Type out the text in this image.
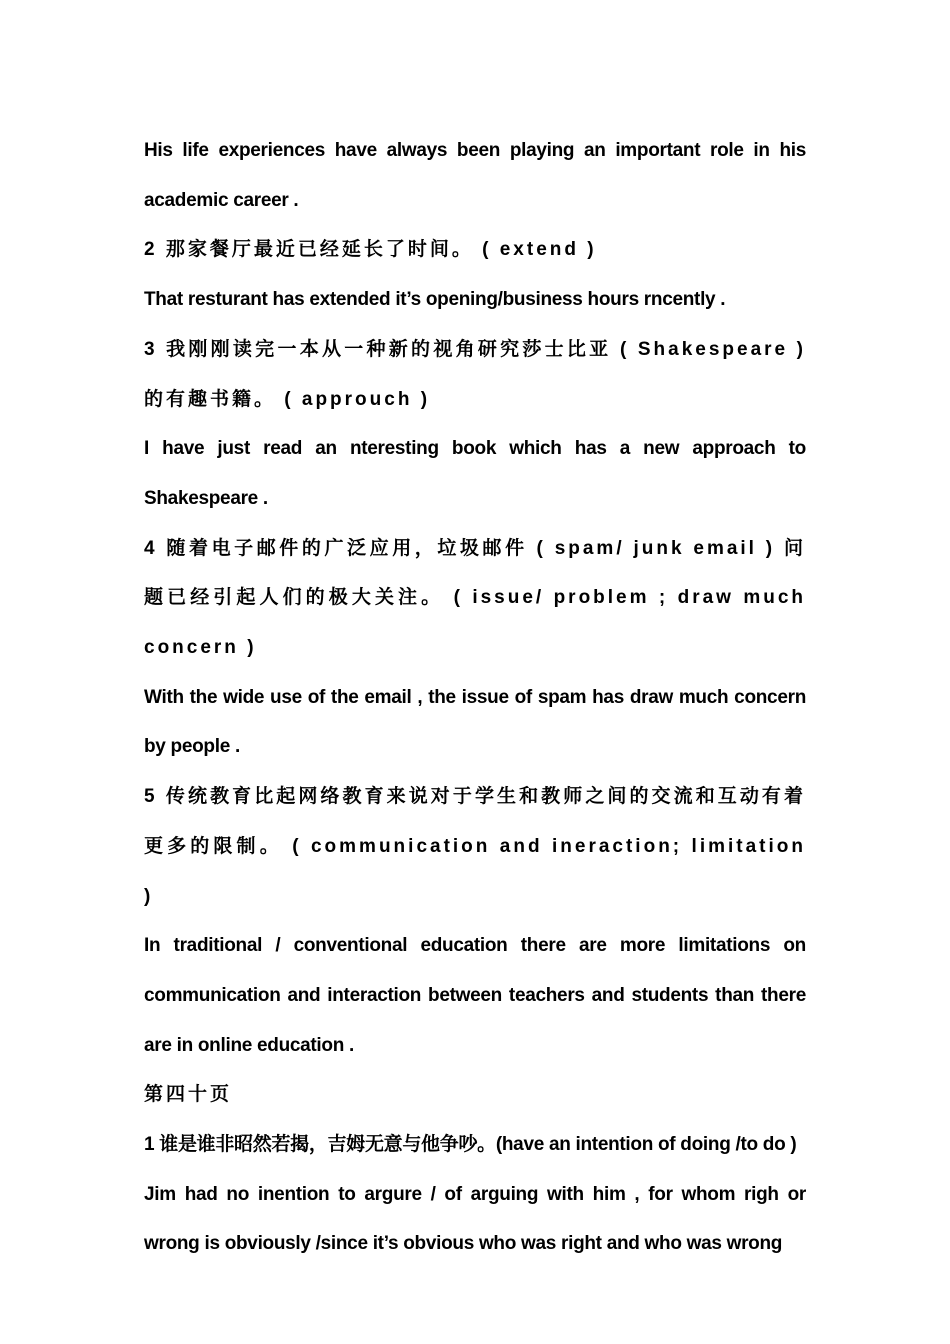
His life experiences have always been playing an important role in his academic career .

2 那家餐厅最近已经延长了时间。 ( extend )

That resturant has extended it’s opening/business hours rncently .

3 我刚刚读完一本从一种新的视角研究莎士比亚 ( Shakespeare ) 的有趣书籍。 ( approuch )

I have just read an nteresting book which has a new approach to Shakespeare .

4 随着电子邮件的广泛应用，垃圾邮件 ( spam/ junk email ) 问题已经引起人们的极大关注。 ( issue/ problem ; draw much concern )

With the wide use of the email , the issue of spam has draw much concern by people .

5 传统教育比起网络教育来说对于学生和教师之间的交流和互动有着更多的限制。 ( communication and ineraction; limitation )

In traditional / conventional education there are more limitations on communication and interaction between teachers and students than there are in online education .

第四十页

1 谁是谁非昭然若揭，吉姆无意与他争吵。(have an intention of doing /to do )

Jim had no inention to argure / of arguing with him , for whom righ or wrong is obviously /since it’s obvious who was right and who was wrong
